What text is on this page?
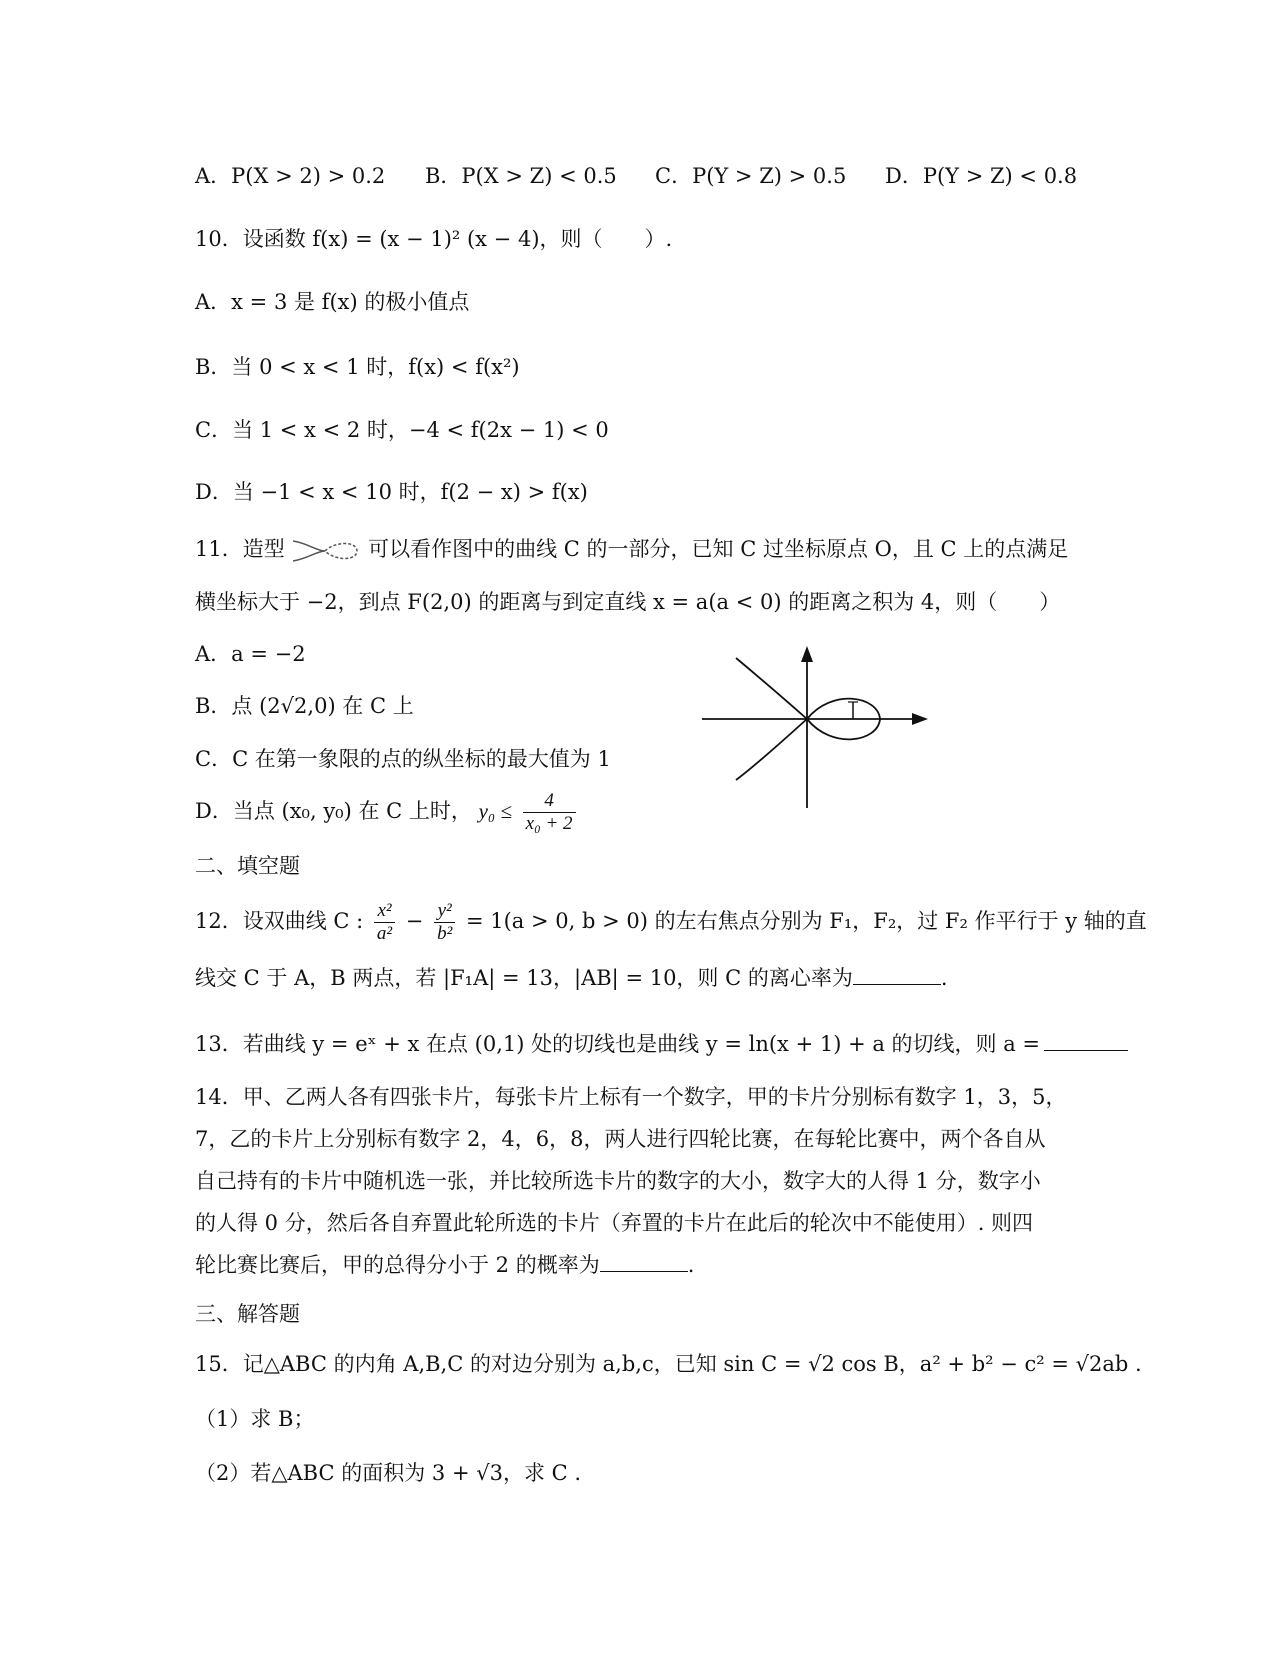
A．P(X > 2) > 0.2 B．P(X > Z) < 0.5 C．P(Y > Z) > 0.5 D．P(Y > Z) < 0.8
10．设函数 f(x) = (x − 1)² (x − 4)，则（　　）.
A．x = 3 是 f(x) 的极小值点
B．当 0 < x < 1 时，f(x) < f(x²)
C．当 1 < x < 2 时，−4 < f(2x − 1) < 0
D．当 −1 < x < 10 时，f(2 − x) > f(x)
11．造型	可以看作图中的曲线 C 的一部分，已知 C 过坐标原点 O，且 C 上的点满足
横坐标大于 −2，到点 F(2,0) 的距离与到定直线 x = a(a < 0) 的距离之积为 4，则（　　）
A．a = −2
B．点 (2√2,0) 在 C 上
C．C 在第一象限的点的纵坐标的最大值为 1
D．当点 (x₀, y₀) 在 C 上时， $y_0 \le \frac{4}{\text{x₀ + 2}}$
二、填空题
12．设双曲线 C : $\frac{\text{x²}}{\text{a²}} - \frac{\text{y²}}{\text{b²}} = 1(a > 0$, b > 0) 的左右焦点分别为 F₁，F₂，过 F₂ 作平行于 y 轴的直
线交 C 于 A，B 两点，若 |F₁A| = 13，|AB| = 10，则 C 的离心率为	.
13．若曲线 y = eˣ + x 在点 (0,1) 处的切线也是曲线 y = ln(x + 1) + a 的切线，则 a =
14．甲、乙两人各有四张卡片，每张卡片上标有一个数字，甲的卡片分别标有数字 1，3，5，
7，乙的卡片上分别标有数字 2，4，6，8，两人进行四轮比赛，在每轮比赛中，两个各自从
自己持有的卡片中随机选一张，并比较所选卡片的数字的大小，数字大的人得 1 分，数字小
的人得 0 分，然后各自弃置此轮所选的卡片（弃置的卡片在此后的轮次中不能使用）. 则四
轮比赛比赛后，甲的总得分小于 2 的概率为	.
三、解答题
15．记△ABC 的内角 A,B,C 的对边分别为 a,b,c，已知 sin C = √2 cos B，a² + b² − c² = √2ab .
（1）求 B；
（2）若△ABC 的面积为 3 + √3，求 C .
